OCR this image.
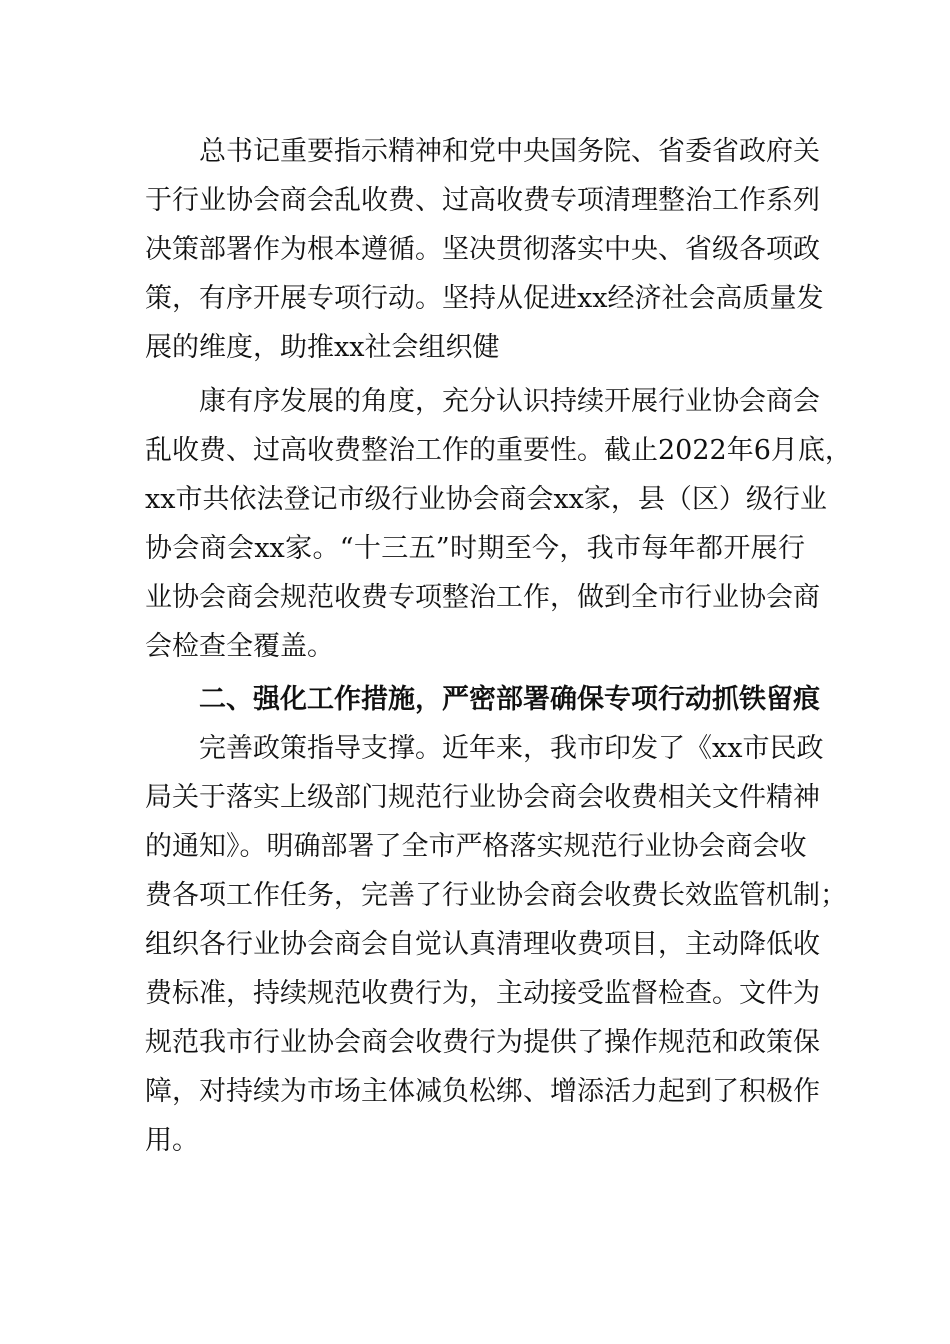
总书记重要指示精神和党中央国务院、省委省政府关

于行业协会商会乱收费、过高收费专项清理整治工作系列

决策部署作为根本遵循。坚决贯彻落实中央、省级各项政

策，有序开展专项行动。坚持从促进xx经济社会高质量发

展的维度，助推xx社会组织健

康有序发展的角度，充分认识持续开展行业协会商会

乱收费、过高收费整治工作的重要性。截止2022年6月底，

xx市共依法登记市级行业协会商会xx家，县（区）级行业

协会商会xx家。“十三五”时期至今，我市每年都开展行

业协会商会规范收费专项整治工作，做到全市行业协会商

会检查全覆盖。

二、强化工作措施，严密部署确保专项行动抓铁留痕

完善政策指导支撑。近年来，我市印发了《xx市民政

局关于落实上级部门规范行业协会商会收费相关文件精神

的通知》。明确部署了全市严格落实规范行业协会商会收

费各项工作任务，完善了行业协会商会收费长效监管机制；

组织各行业协会商会自觉认真清理收费项目，主动降低收

费标准，持续规范收费行为，主动接受监督检查。文件为

规范我市行业协会商会收费行为提供了操作规范和政策保

障，对持续为市场主体减负松绑、增添活力起到了积极作

用。
